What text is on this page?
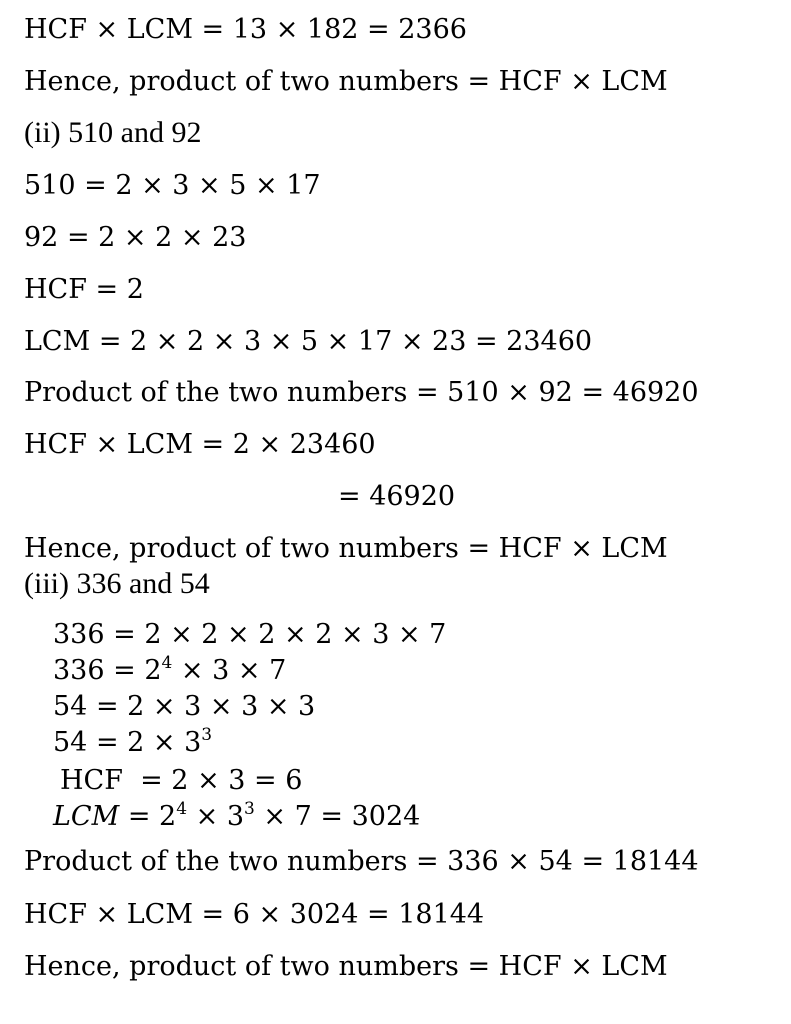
HCF × LCM = 13 × 182 = 2366
Hence, product of two numbers = HCF × LCM
(ii) 510 and 92
510 = 2 × 3 × 5 × 17
92 = 2 × 2 × 23
HCF = 2
LCM = 2 × 2 × 3 × 5 × 17 × 23 = 23460
Product of the two numbers = 510 × 92 = 46920
HCF × LCM = 2 × 23460
= 46920
Hence, product of two numbers = HCF × LCM
(iii) 336 and 54
336 = 2 × 2 × 2 × 2 × 3 × 7
$336 = 2^4 \times 3 \times 7$
54 = 2 × 3 × 3 × 3
$54 = 2 \times 3^3$
HCF  = 2 × 3 = 6
LCM = $2^4 \times 3^3 \times 7 = 3024$
Product of the two numbers = 336 × 54 = 18144
HCF × LCM = 6 × 3024 = 18144
Hence, product of two numbers = HCF × LCM
